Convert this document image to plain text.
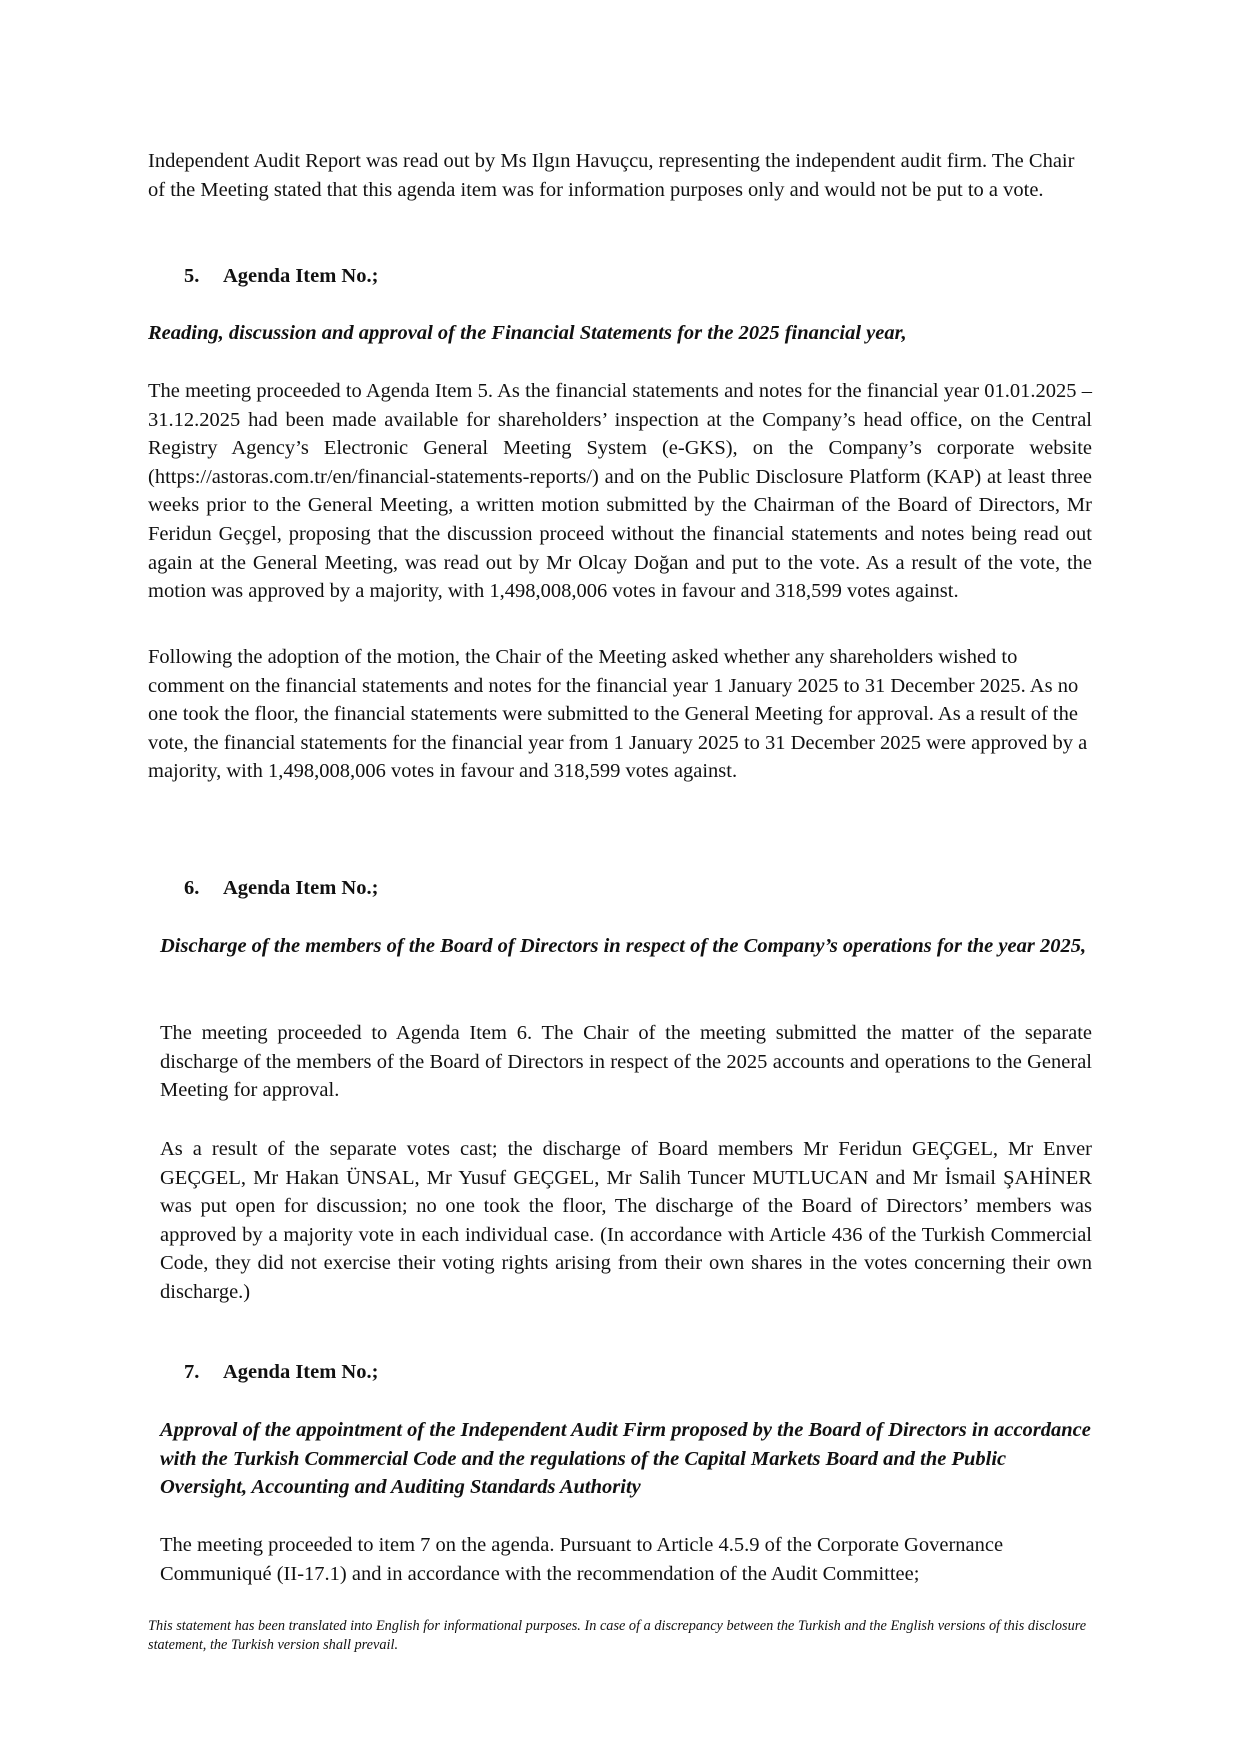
Independent Audit Report was read out by Ms Ilgın Havuçcu, representing the independent audit firm. The Chair of the Meeting stated that this agenda item was for information purposes only and would not be put to a vote.

5. Agenda Item No.;

Reading, discussion and approval of the Financial Statements for the 2025 financial year,

The meeting proceeded to Agenda Item 5. As the financial statements and notes for the financial year 01.01.2025 – 31.12.2025 had been made available for shareholders’ inspection at the Company’s head office, on the Central Registry Agency’s Electronic General Meeting System (e-GKS), on the Company’s corporate website (https://astoras.com.tr/en/financial-statements-reports/) and on the Public Disclosure Platform (KAP) at least three weeks prior to the General Meeting, a written motion submitted by the Chairman of the Board of Directors, Mr Feridun Geçgel, proposing that the discussion proceed without the financial statements and notes being read out again at the General Meeting, was read out by Mr Olcay Doğan and put to the vote. As a result of the vote, the motion was approved by a majority, with 1,498,008,006 votes in favour and 318,599 votes against.

Following the adoption of the motion, the Chair of the Meeting asked whether any shareholders wished to comment on the financial statements and notes for the financial year 1 January 2025 to 31 December 2025. As no one took the floor, the financial statements were submitted to the General Meeting for approval. As a result of the vote, the financial statements for the financial year from 1 January 2025 to 31 December 2025 were approved by a majority, with 1,498,008,006 votes in favour and 318,599 votes against.

6. Agenda Item No.;

Discharge of the members of the Board of Directors in respect of the Company’s operations for the year 2025,

The meeting proceeded to Agenda Item 6. The Chair of the meeting submitted the matter of the separate discharge of the members of the Board of Directors in respect of the 2025 accounts and operations to the General Meeting for approval.

As a result of the separate votes cast; the discharge of Board members Mr Feridun GEÇGEL, Mr Enver GEÇGEL, Mr Hakan ÜNSAL, Mr Yusuf GEÇGEL, Mr Salih Tuncer MUTLUCAN and Mr İsmail ŞAHİNER was put open for discussion; no one took the floor, The discharge of the Board of Directors’ members was approved by a majority vote in each individual case. (In accordance with Article 436 of the Turkish Commercial Code, they did not exercise their voting rights arising from their own shares in the votes concerning their own discharge.)

7. Agenda Item No.;

Approval of the appointment of the Independent Audit Firm proposed by the Board of Directors in accordance with the Turkish Commercial Code and the regulations of the Capital Markets Board and the Public Oversight, Accounting and Auditing Standards Authority

The meeting proceeded to item 7 on the agenda. Pursuant to Article 4.5.9 of the Corporate Governance Communiqué (II-17.1) and in accordance with the recommendation of the Audit Committee;

This statement has been translated into English for informational purposes. In case of a discrepancy between the Turkish and the English versions of this disclosure statement, the Turkish version shall prevail.
